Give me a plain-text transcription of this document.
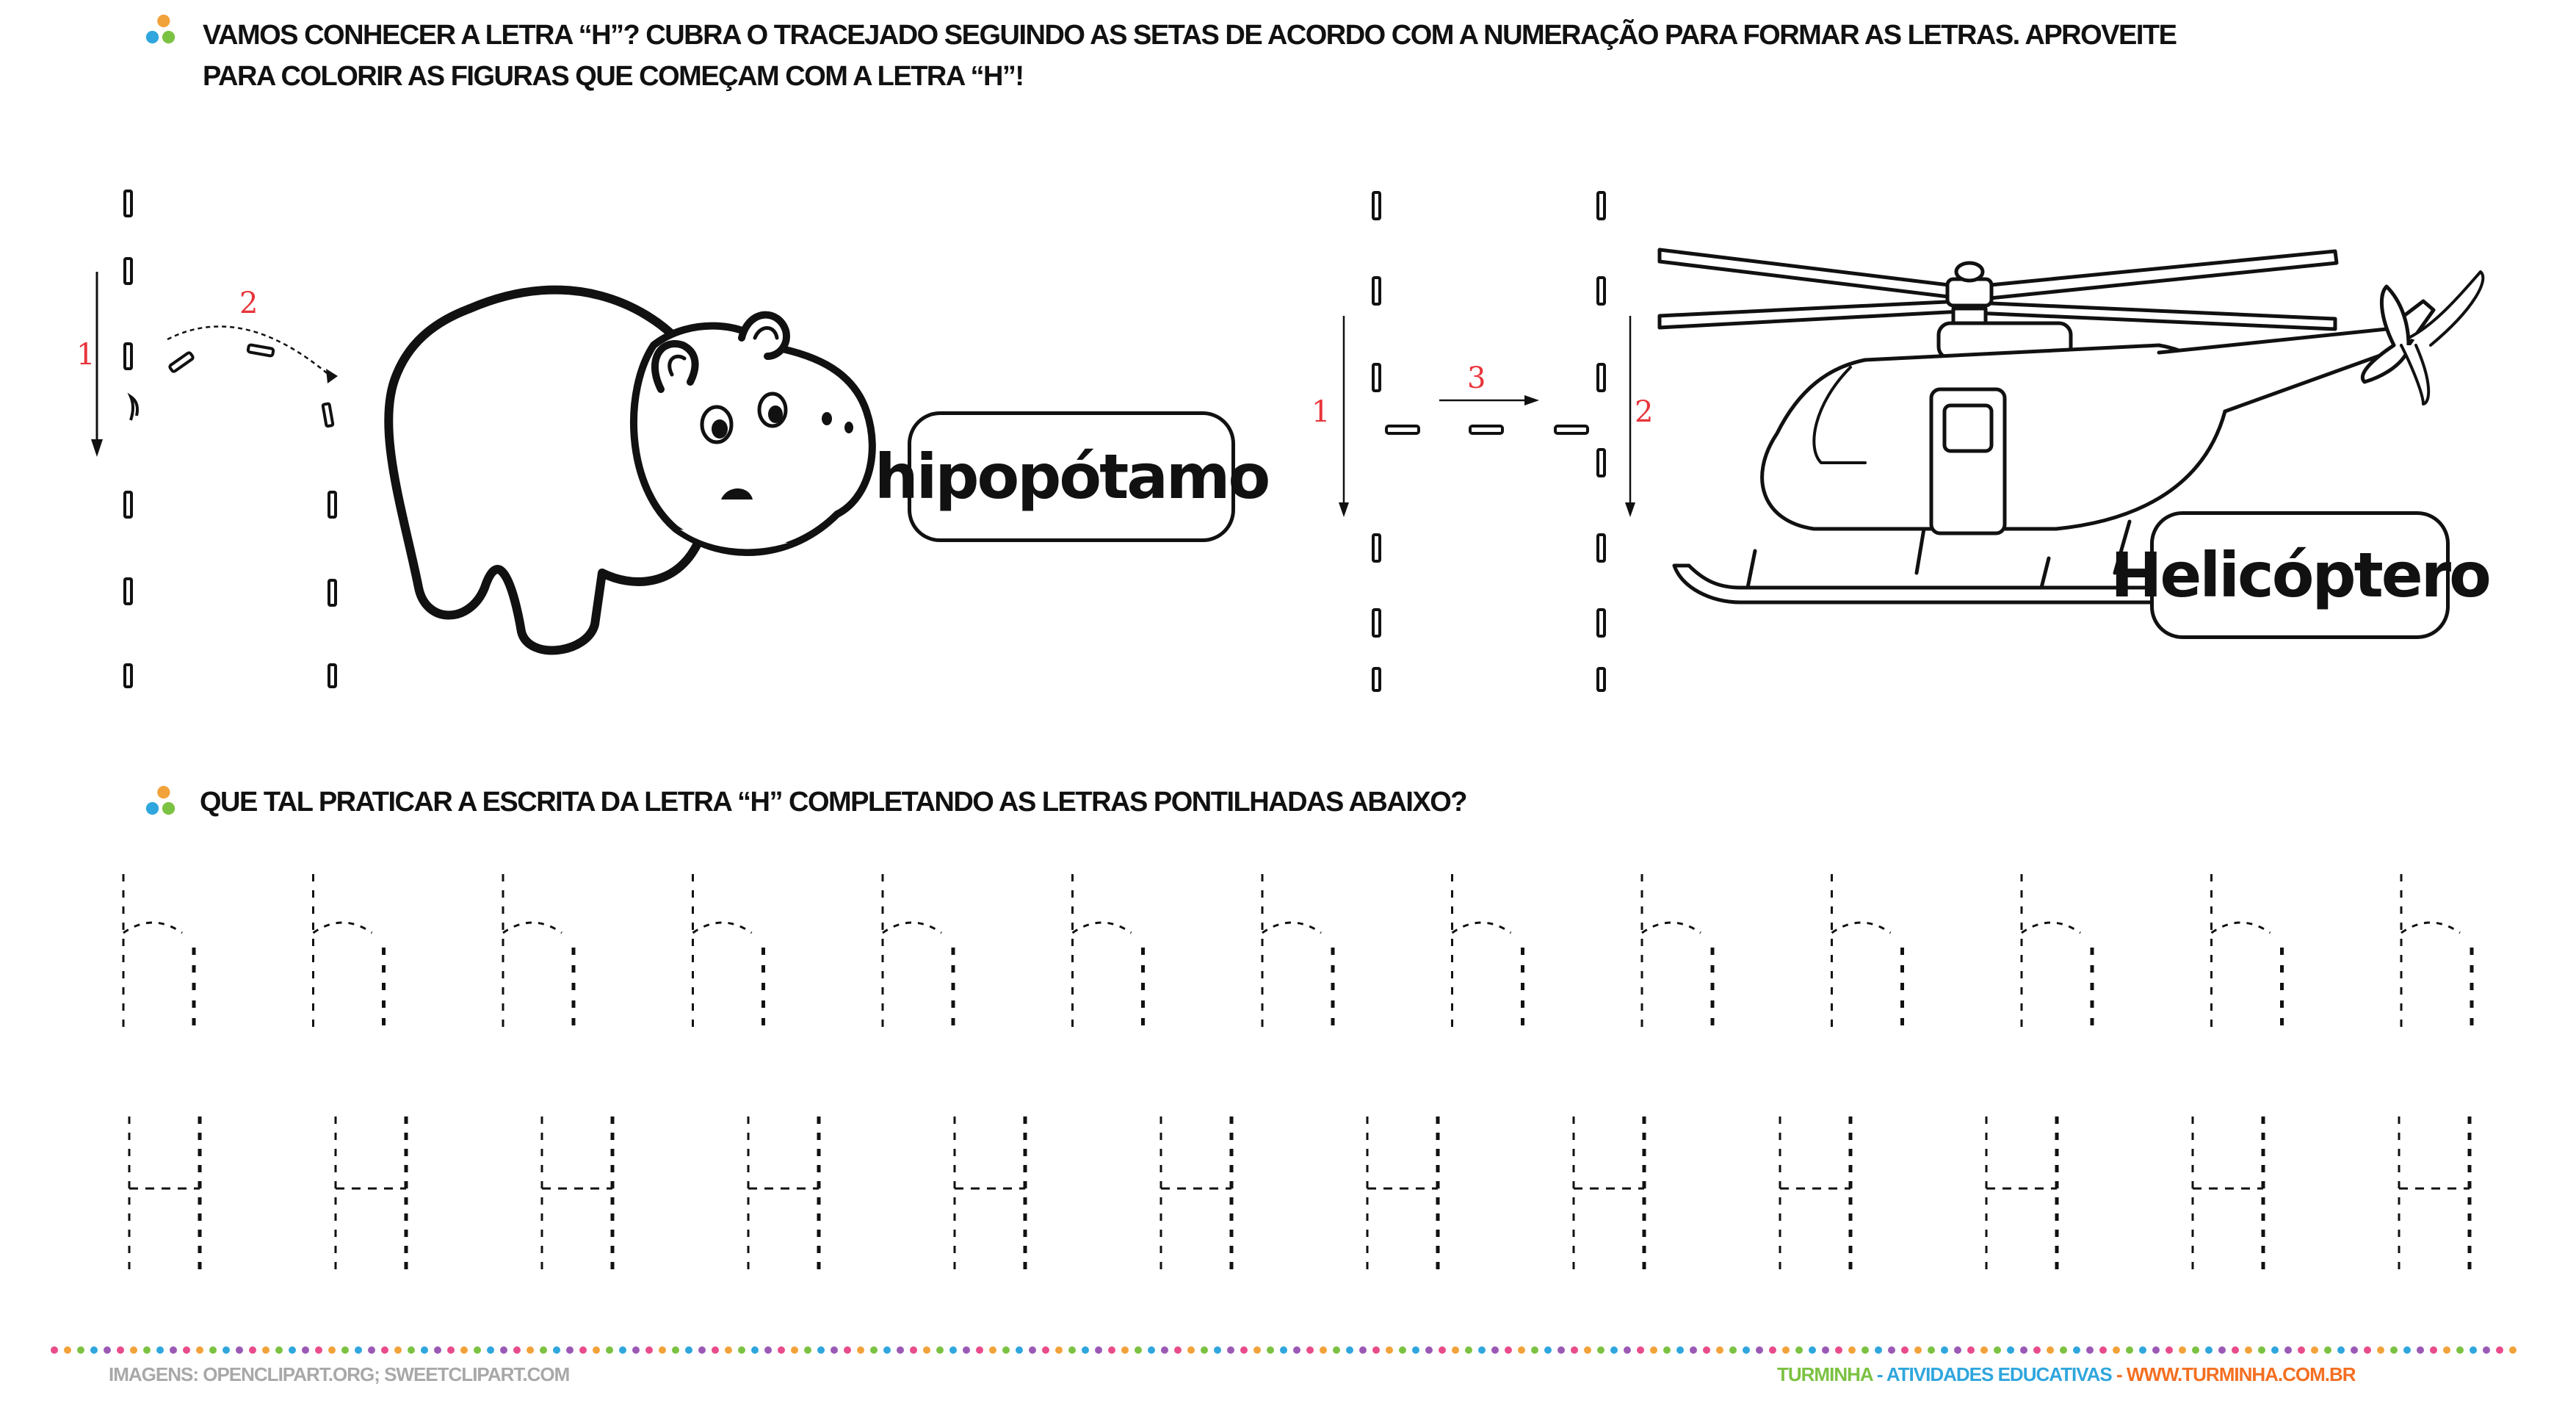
VAMOS CONHECER A LETRA “H”? CUBRA O TRACEJADO SEGUINDO AS SETAS DE ACORDO COM A NUMERAÇÃO PARA FORMAR AS LETRAS. APROVEITE
PARA COLORIR AS FIGURAS QUE COMEÇAM COM A LETRA “H”!
1
2
hipopótamo
1
3
2
Helicóptero
QUE TAL PRATICAR A ESCRITA DA LETRA “H” COMPLETANDO AS LETRAS PONTILHADAS ABAIXO?
IMAGENS: OPENCLIPART.ORG; SWEETCLIPART.COM	TURMINHA - ATIVIDADES EDUCATIVAS - WWW.TURMINHA.COM.BR
